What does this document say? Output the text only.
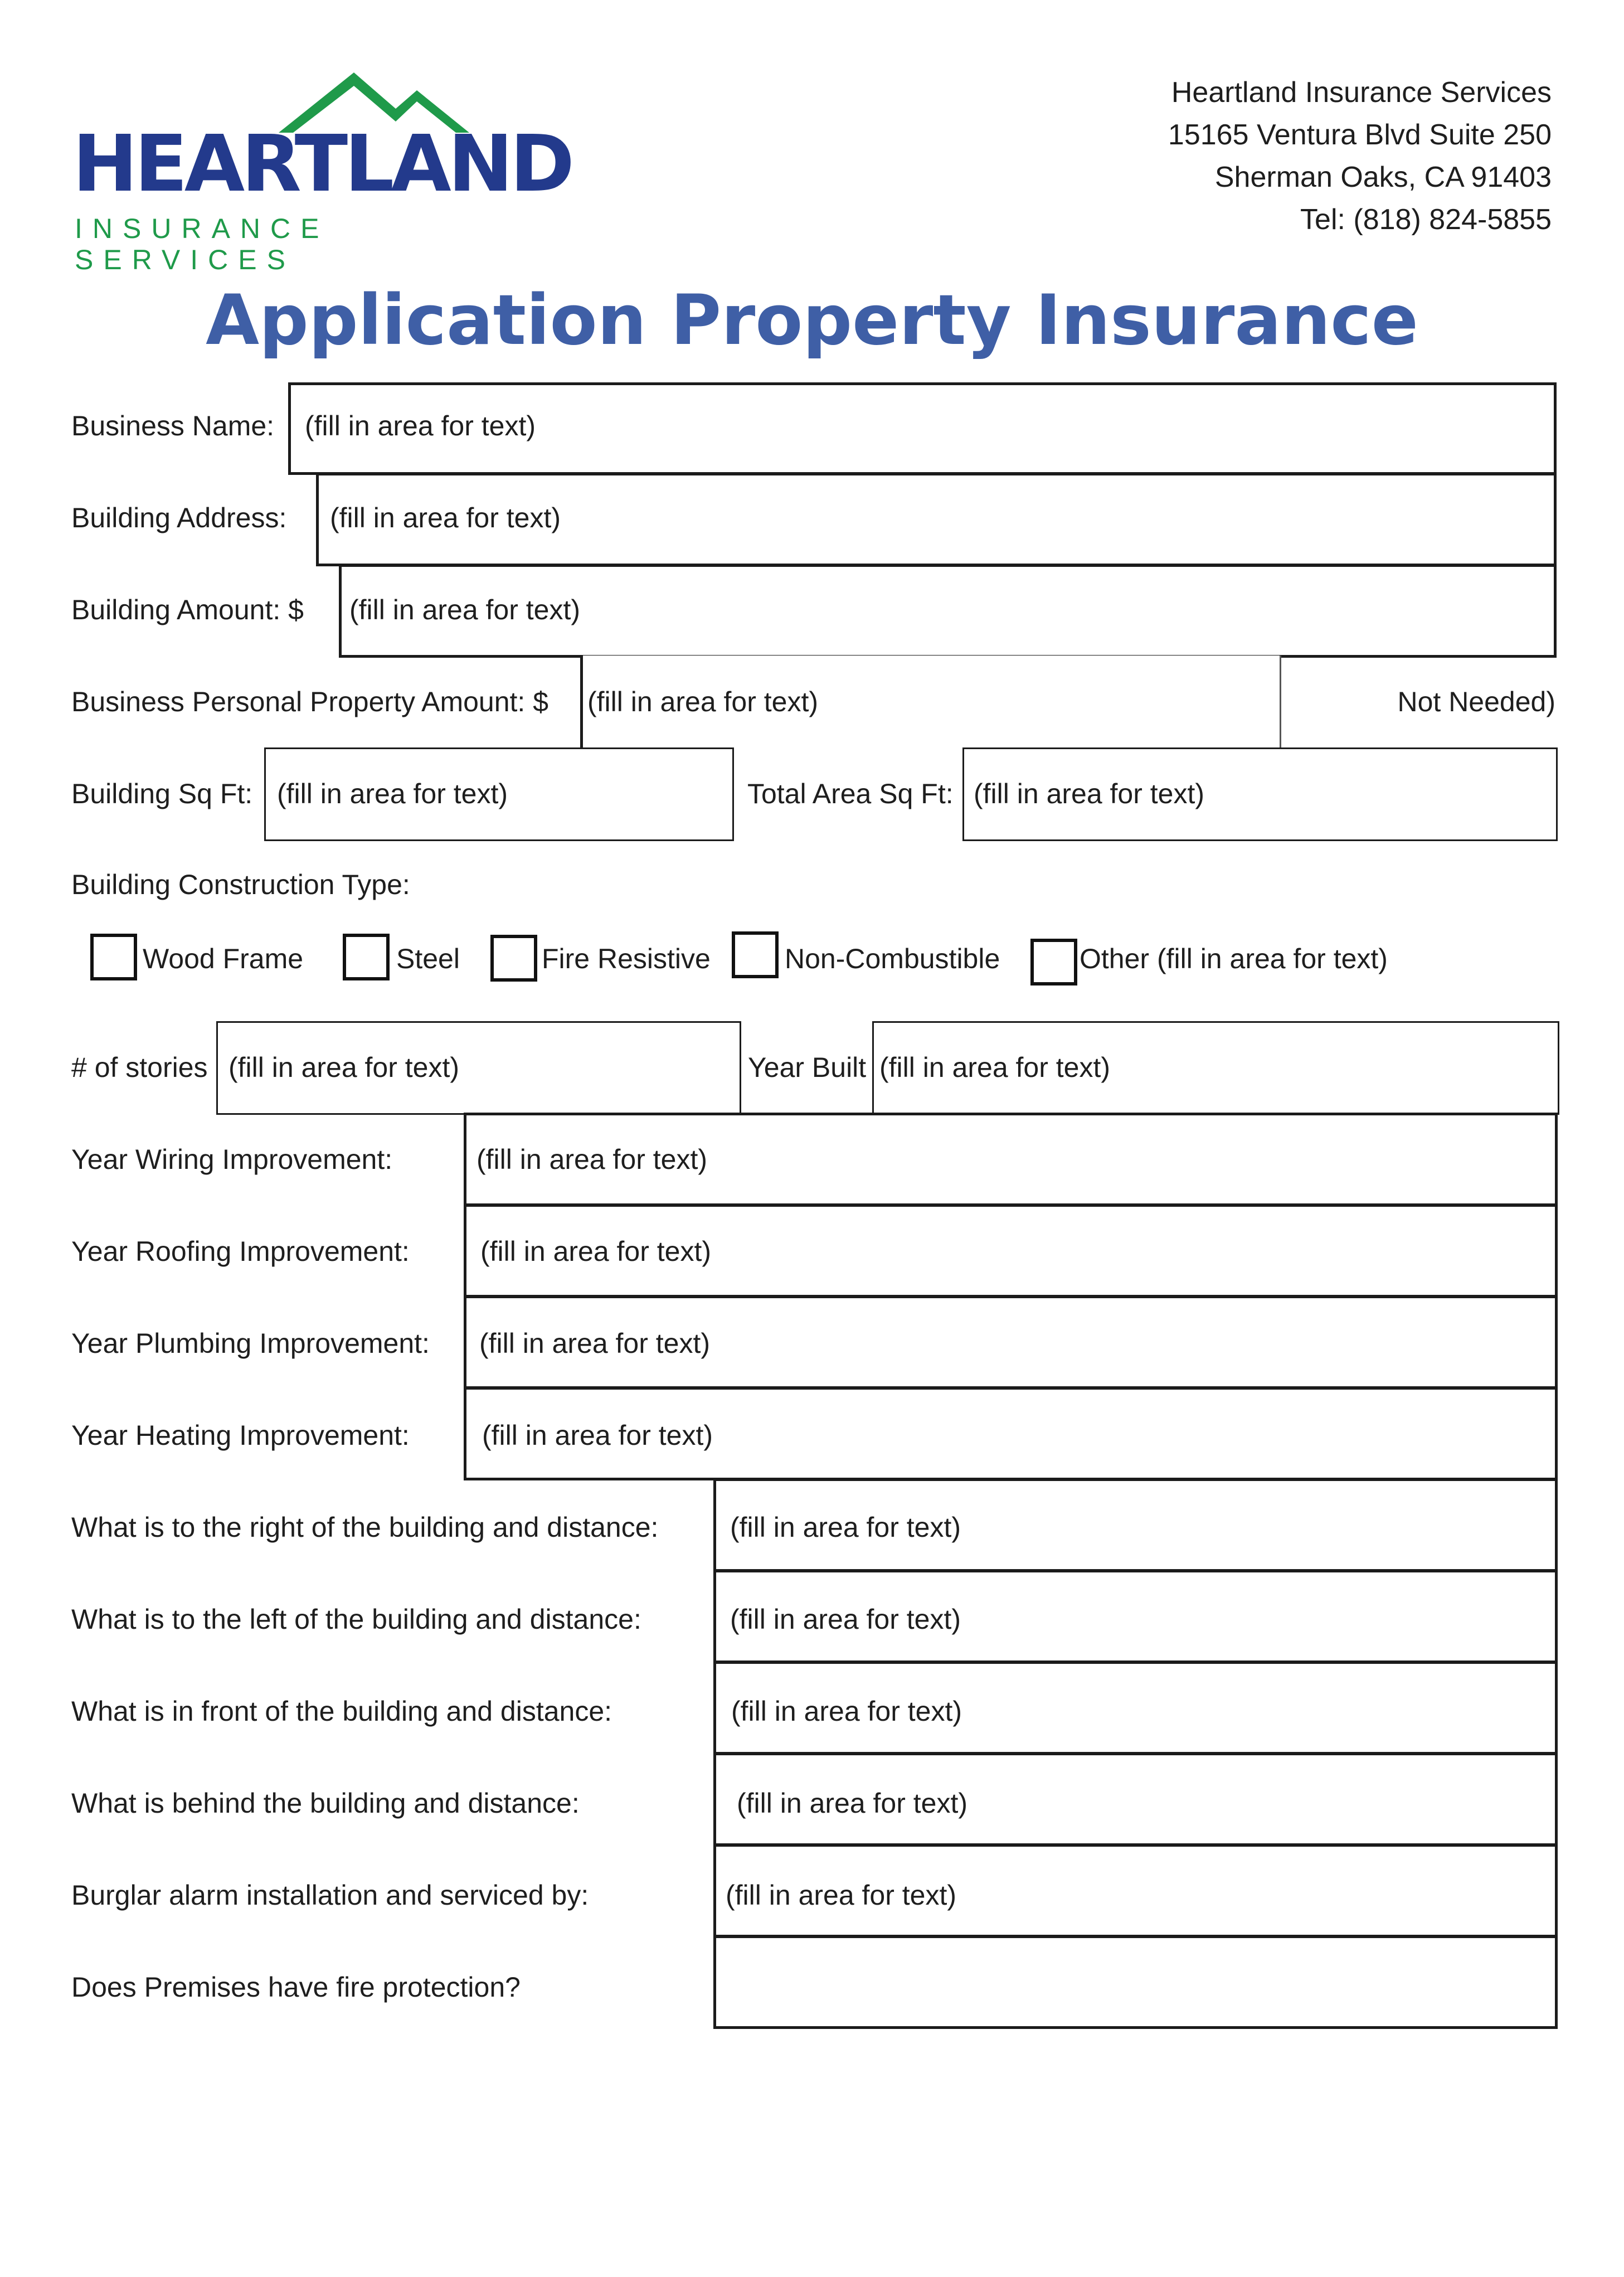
HEARTLAND
INSURANCE SERVICES
Heartland Insurance Services
15165 Ventura Blvd Suite 250
Sherman Oaks, CA 91403
Tel: (818) 824-5855
Application Property Insurance
Business Name: (fill in area for text)
Building Address: (fill in area for text)
Building Amount: $ (fill in area for text)
Business Personal Property Amount: $ (fill in area for text)	Not Needed)
Building Sq Ft: (fill in area for text)	Total Area Sq Ft: (fill in area for text)
Building Construction Type:
Wood Frame	Steel	Fire Resistive	Non-Combustible	Other (fill in area for text)
# of stories (fill in area for text)	Year Built (fill in area for text)
Year Wiring Improvement:	(fill in area for text)
Year Roofing Improvement:	(fill in area for text)
Year Plumbing Improvement: (fill in area for text)
Year Heating Improvement:	(fill in area for text)
What is to the right of the building and distance:	(fill in area for text)
What is to the left of the building and distance:	(fill in area for text)
What is in front of the building and distance:	(fill in area for text)
What is behind the building and distance:	(fill in area for text)
Burglar alarm installation and serviced by:	(fill in area for text)
Does Premises have fire protection?
